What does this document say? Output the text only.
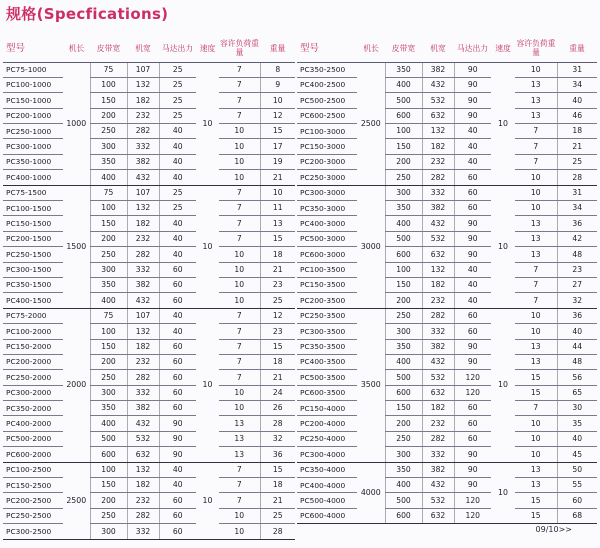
规格(Specfications)
型号	机长	皮带宽	机宽	马达出力	速度	容许负荷重量	重量
PC75-1000	1000	75	107	25	10	7	8
PC100-1000		100	132	25		7	9
PC150-1000		150	182	25		7	10
PC200-1000		200	232	25		7	12
PC250-1000		250	282	40		10	15
PC300-1000		300	332	40		10	17
PC350-1000		350	382	40		10	19
PC400-1000		400	432	40		10	21
PC75-1500	1500	75	107	25	10	7	10
PC100-1500		100	132	25		7	11
PC150-1500		150	182	40		7	13
PC200-1500		200	232	40		7	15
PC250-1500		250	282	40		10	18
PC300-1500		300	332	60		10	21
PC350-1500		350	382	60		10	23
PC400-1500		400	432	60		10	25
PC75-2000	2000	75	107	40	10	7	12
PC100-2000		100	132	40		7	23
PC150-2000		150	182	60		7	15
PC200-2000		200	232	60		7	18
PC250-2000		250	282	60		7	21
PC300-2000		300	332	60		10	24
PC350-2000		350	382	60		10	26
PC400-2000		400	432	90		13	28
PC500-2000		500	532	90		13	32
PC600-2000		600	632	90		13	36
PC100-2500	2500	100	132	40	10	7	15
PC150-2500		150	182	40		7	18
PC200-2500		200	232	60		7	21
PC250-2500		250	282	60		10	25
PC300-2500		300	332	60		10	28
型号	机长	皮带宽	机宽	马达出力	速度	容许负荷重量	重量
PC350-2500	2500	350	382	90	10	10	31
PC400-2500		400	432	90		13	34
PC500-2500		500	532	90		13	40
PC600-2500		600	632	90		13	46
PC100-3000		100	132	40		7	18
PC150-3000		150	182	40		7	21
PC200-3000		200	232	40		7	25
PC250-3000		250	282	60		10	28
PC300-3000	3000	300	332	60	10	10	31
PC350-3000		350	382	60		10	34
PC400-3000		400	432	90		13	36
PC500-3000		500	532	90		13	42
PC600-3000		600	632	90		13	48
PC100-3500		100	132	40		7	23
PC150-3500		150	182	40		7	27
PC200-3500		200	232	40		7	32
PC250-3500	3500	250	282	60	10	10	36
PC300-3500		300	332	60		10	40
PC350-3500		350	382	90		13	44
PC400-3500		400	432	90		13	48
PC500-3500		500	532	120		15	56
PC600-3500		600	632	120		15	65
PC150-4000		150	182	60		7	30
PC200-4000		200	232	60		10	35
PC250-4000		250	282	60		10	40
PC300-4000		300	332	90		10	45
PC350-4000	4000	350	382	90	10	13	50
PC400-4000		400	432	90		13	55
PC500-4000		500	532	120		15	60
PC600-4000		600	632	120		15	68
09/10>>
